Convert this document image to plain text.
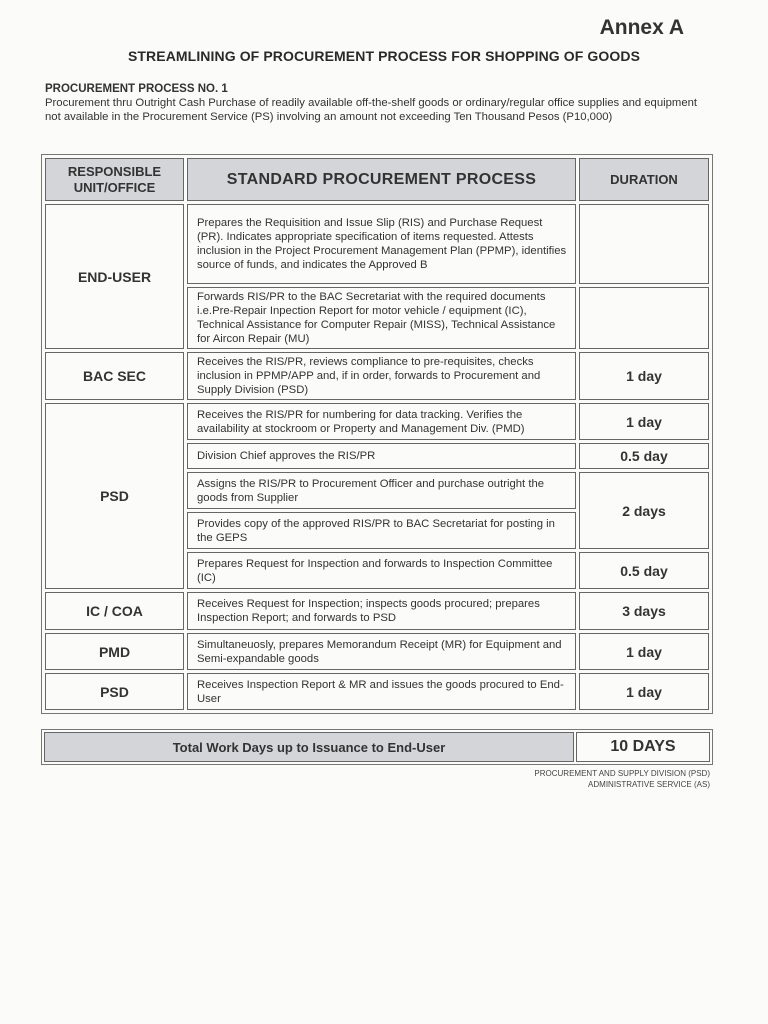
Annex A
STREAMLINING OF PROCUREMENT PROCESS FOR SHOPPING OF GOODS
PROCUREMENT PROCESS NO. 1
Procurement thru Outright Cash Purchase of readily available off-the-shelf goods or ordinary/regular office supplies and equipment not available in the Procurement Service (PS) involving an amount not exceeding Ten Thousand Pesos (P10,000)
RESPONSIBLE UNIT/OFFICE	STANDARD PROCUREMENT PROCESS	DURATION
END-USER	Prepares the Requisition and Issue Slip (RIS) and Purchase Request (PR). Indicates appropriate specification of items requested. Attests inclusion in the Project Procurement Management Plan (PPMP), identifies source of funds, and indicates the Approved B	
	Forwards RIS/PR to the BAC Secretariat with the required documents i.e.Pre-Repair Inpection Report for motor vehicle / equipment (IC), Technical Assistance for Computer Repair (MISS), Technical Assistance for Aircon Repair (MU)	
BAC SEC	Receives the RIS/PR, reviews compliance to pre-requisites, checks inclusion in PPMP/APP and, if in order, forwards to Procurement and Supply Division (PSD)	1 day
PSD	Receives the RIS/PR for numbering for data tracking. Verifies the availability at stockroom or Property and Management Div. (PMD)	1 day
	Division Chief approves the RIS/PR	0.5 day
	Assigns the RIS/PR to Procurement Officer and purchase outright the goods from Supplier	2 days
	Provides copy of the approved RIS/PR to BAC Secretariat for posting in the GEPS	
	Prepares Request for Inspection and forwards to Inspection Committee (IC)	0.5 day
IC / COA	Receives Request for Inspection; inspects goods procured; prepares Inspection Report; and forwards to PSD	3 days
PMD	Simultaneuosly, prepares Memorandum Receipt (MR) for Equipment and Semi-expandable goods	1 day
PSD	Receives Inspection Report & MR and issues the goods procured to End-User	1 day
Total Work Days up to Issuance to End-User	10 DAYS
PROCUREMENT AND SUPPLY DIVISION (PSD)
ADMINISTRATIVE SERVICE (AS)
